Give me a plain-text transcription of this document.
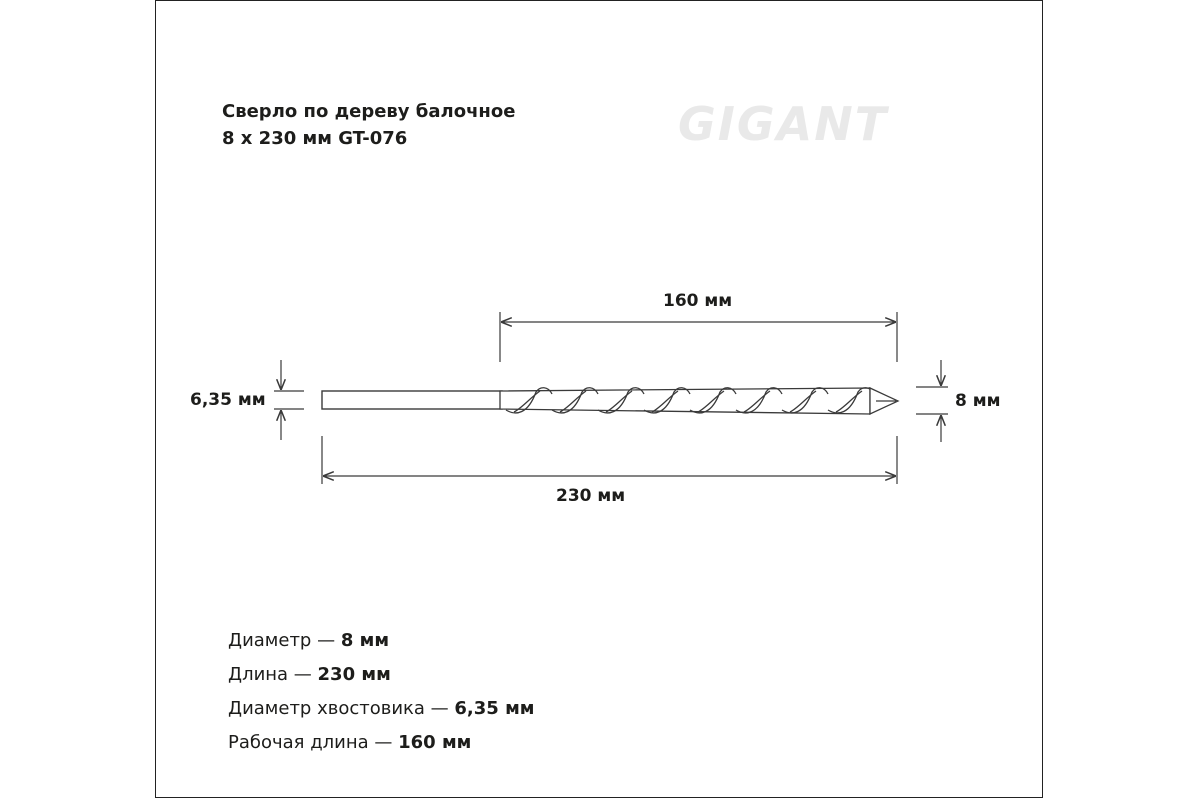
Сверло по дереву балочное
8 х 230 мм GT-076	GIGANT
160 мм
230 мм
6,35 мм	8 мм
Диаметр — 8 мм
Длина — 230 мм
Диаметр хвостовика — 6,35 мм
Рабочая длина — 160 мм
